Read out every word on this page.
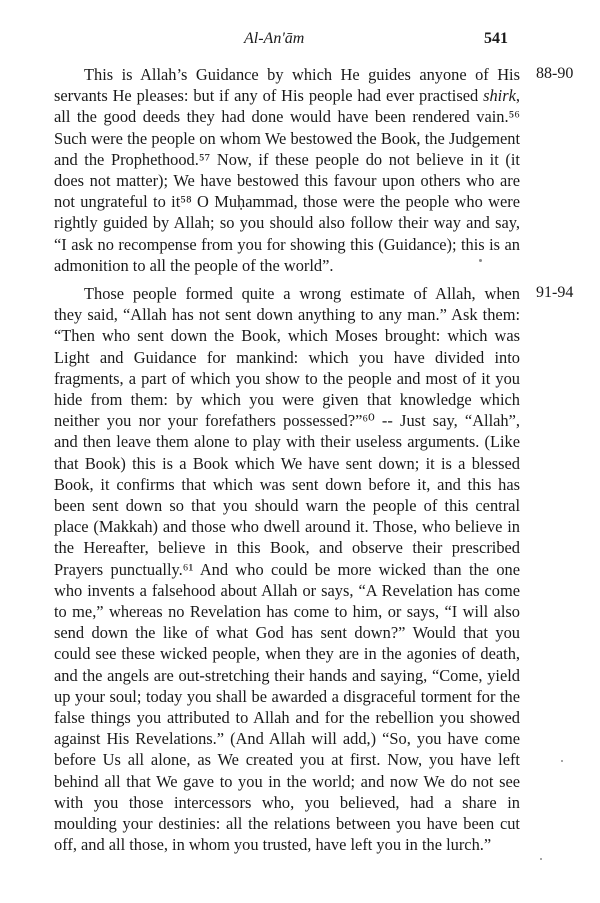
Al-An'ām	541
This is Allah’s Guidance by which He guides anyone of His
servants He pleases: but if any of His people had ever practised shirk,
all the good deeds they had done would have been rendered vain.⁵⁶
Such were the people on whom We bestowed the Book, the Judgement
and the Prophethood.⁵⁷ Now, if these people do not believe in it (it
does not matter); We have bestowed this favour upon others who are
not ungrateful to it⁵⁸ O Muḥammad, those were the people who were
rightly guided by Allah; so you should also follow their way and say,
“I ask no recompense from you for showing this (Guidance); this is an
admonition to all the people of the world”.
88-90
Those people formed quite a wrong estimate of Allah, when
they said, “Allah has not sent down anything to any man.” Ask them:
“Then who sent down the Book, which Moses brought: which was
Light and Guidance for mankind: which you have divided into
fragments, a part of which you show to the people and most of it you
hide from them: by which you were given that knowledge which
neither you nor your forefathers possessed?”⁶⁰ -- Just say, “Allah”,
and then leave them alone to play with their useless arguments. (Like
that Book) this is a Book which We have sent down; it is a blessed
Book, it confirms that which was sent down before it, and this has
been sent down so that you should warn the people of this central
place (Makkah) and those who dwell around it. Those, who believe in
the Hereafter, believe in this Book, and observe their prescribed
Prayers punctually.⁶¹ And who could be more wicked than the one
who invents a falsehood about Allah or says, “A Revelation has come
to me,” whereas no Revelation has come to him, or says, “I will also
send down the like of what God has sent down?” Would that you
could see these wicked people, when they are in the agonies of death,
and the angels are out-stretching their hands and saying, “Come, yield
up your soul; today you shall be awarded a disgraceful torment for the
false things you attributed to Allah and for the rebellion you showed
against His Revelations.” (And Allah will add,) “So, you have come
before Us all alone, as We created you at first. Now, you have left
behind all that We gave to you in the world; and now We do not see
with you those intercessors who, you believed, had a share in
moulding your destinies: all the relations between you have been cut
off, and all those, in whom you trusted, have left you in the lurch.”
91-94
